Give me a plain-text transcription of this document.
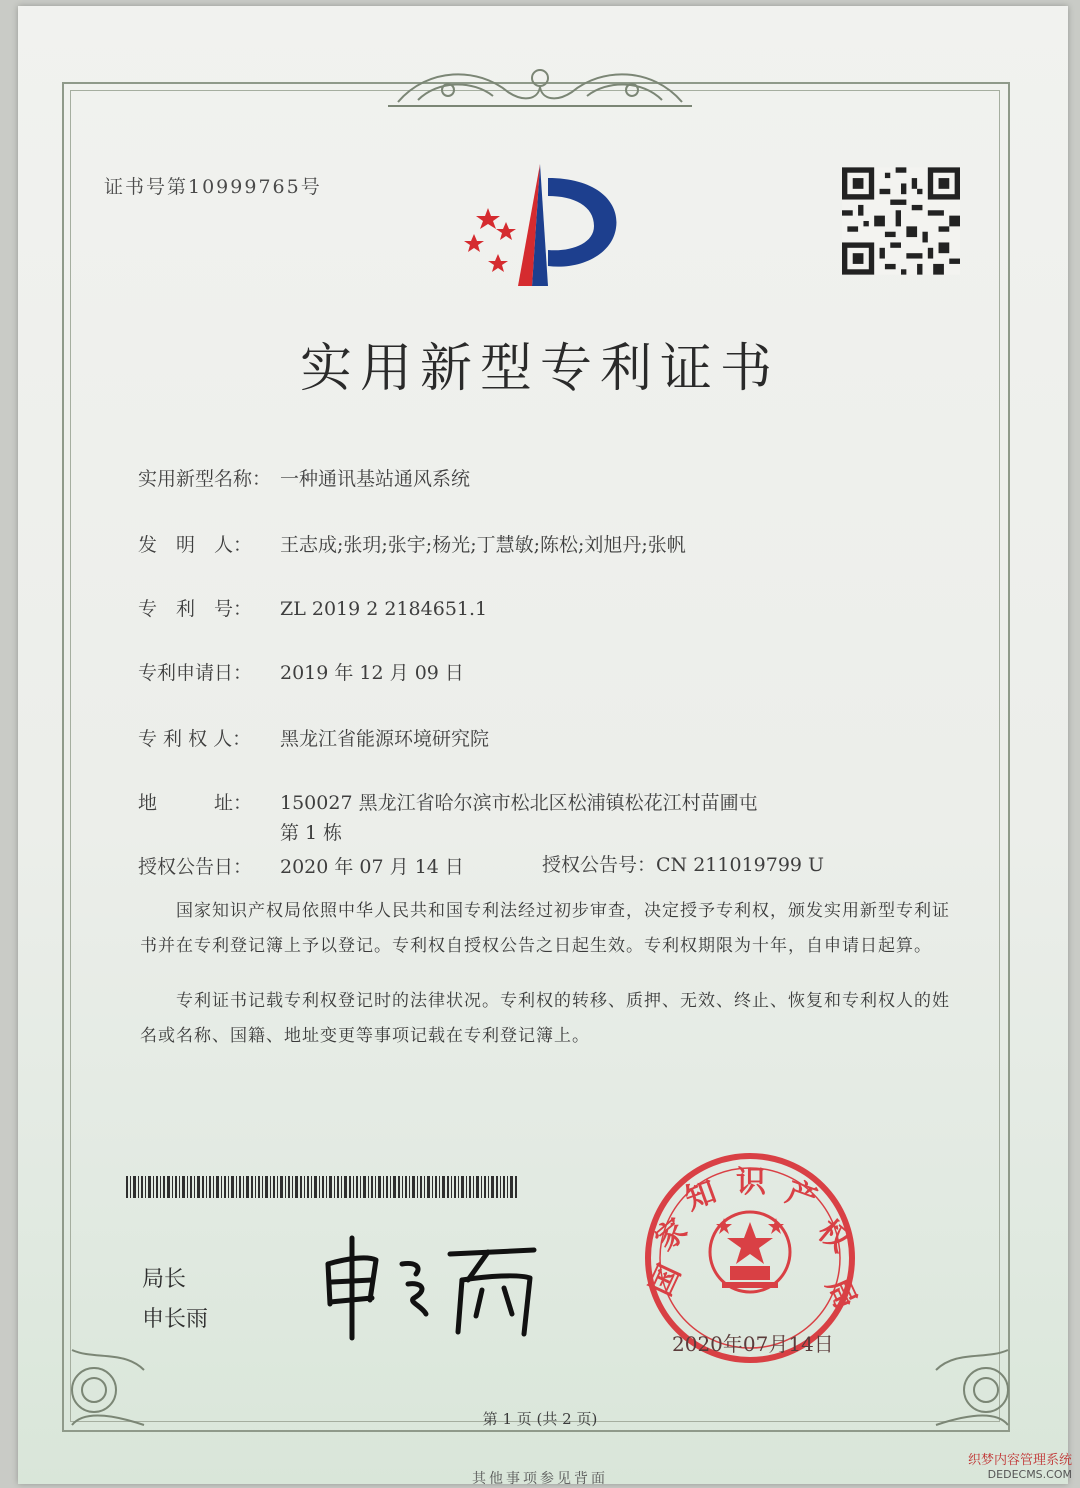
证书号第10999765号
实用新型专利证书
实用新型名称： 一种通讯基站通风系统
发　明　人： 王志成;张玥;张宇;杨光;丁慧敏;陈松;刘旭丹;张帆
专　利　号： ZL 2019 2 2184651.1
专利申请日： 2019 年 12 月 09 日
专 利 权 人： 黑龙江省能源环境研究院
地　　　址： 150027 黑龙江省哈尔滨市松北区松浦镇松花江村苗圃屯
第 1 栋
授权公告日： 2020 年 07 月 14 日	授权公告号：CN 211019799 U
国家知识产权局依照中华人民共和国专利法经过初步审查，决定授予专利权，颁发实用新型专利证书并在专利登记簿上予以登记。专利权自授权公告之日起生效。专利权期限为十年，自申请日起算。
专利证书记载专利权登记时的法律状况。专利权的转移、质押、无效、终止、恢复和专利权人的姓名或名称、国籍、地址变更等事项记载在专利登记簿上。
局长
申长雨
国
家
知 识 产
权
局
2020年07月14日
第 1 页 (共 2 页)
其他事项参见背面
织梦内容管理系统
DEDECMS.COM
